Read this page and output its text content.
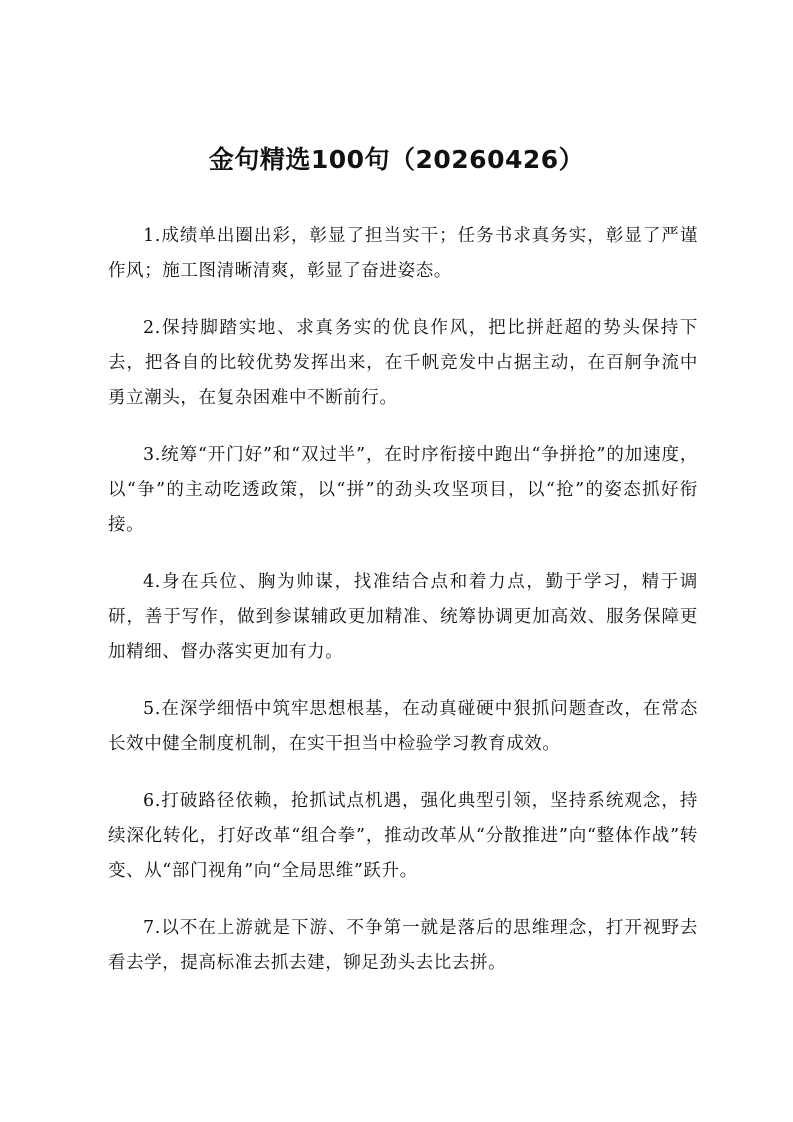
金句精选100句（20260426）

1.成绩单出圈出彩，彰显了担当实干；任务书求真务实，彰显了严谨作风；施工图清晰清爽，彰显了奋进姿态。

2.保持脚踏实地、求真务实的优良作风，把比拼赶超的势头保持下去，把各自的比较优势发挥出来，在千帆竞发中占据主动，在百舸争流中勇立潮头，在复杂困难中不断前行。

3.统筹“开门好”和“双过半”，在时序衔接中跑出“争拼抢”的加速度，以“争”的主动吃透政策，以“拼”的劲头攻坚项目，以“抢”的姿态抓好衔接。

4.身在兵位、胸为帅谋，找准结合点和着力点，勤于学习，精于调研，善于写作，做到参谋辅政更加精准、统筹协调更加高效、服务保障更加精细、督办落实更加有力。

5.在深学细悟中筑牢思想根基，在动真碰硬中狠抓问题查改，在常态长效中健全制度机制，在实干担当中检验学习教育成效。

6.打破路径依赖，抢抓试点机遇，强化典型引领，坚持系统观念，持续深化转化，打好改革“组合拳”，推动改革从“分散推进”向“整体作战”转变、从“部门视角”向“全局思维”跃升。

7.以不在上游就是下游、不争第一就是落后的思维理念，打开视野去看去学，提高标准去抓去建，铆足劲头去比去拼。
